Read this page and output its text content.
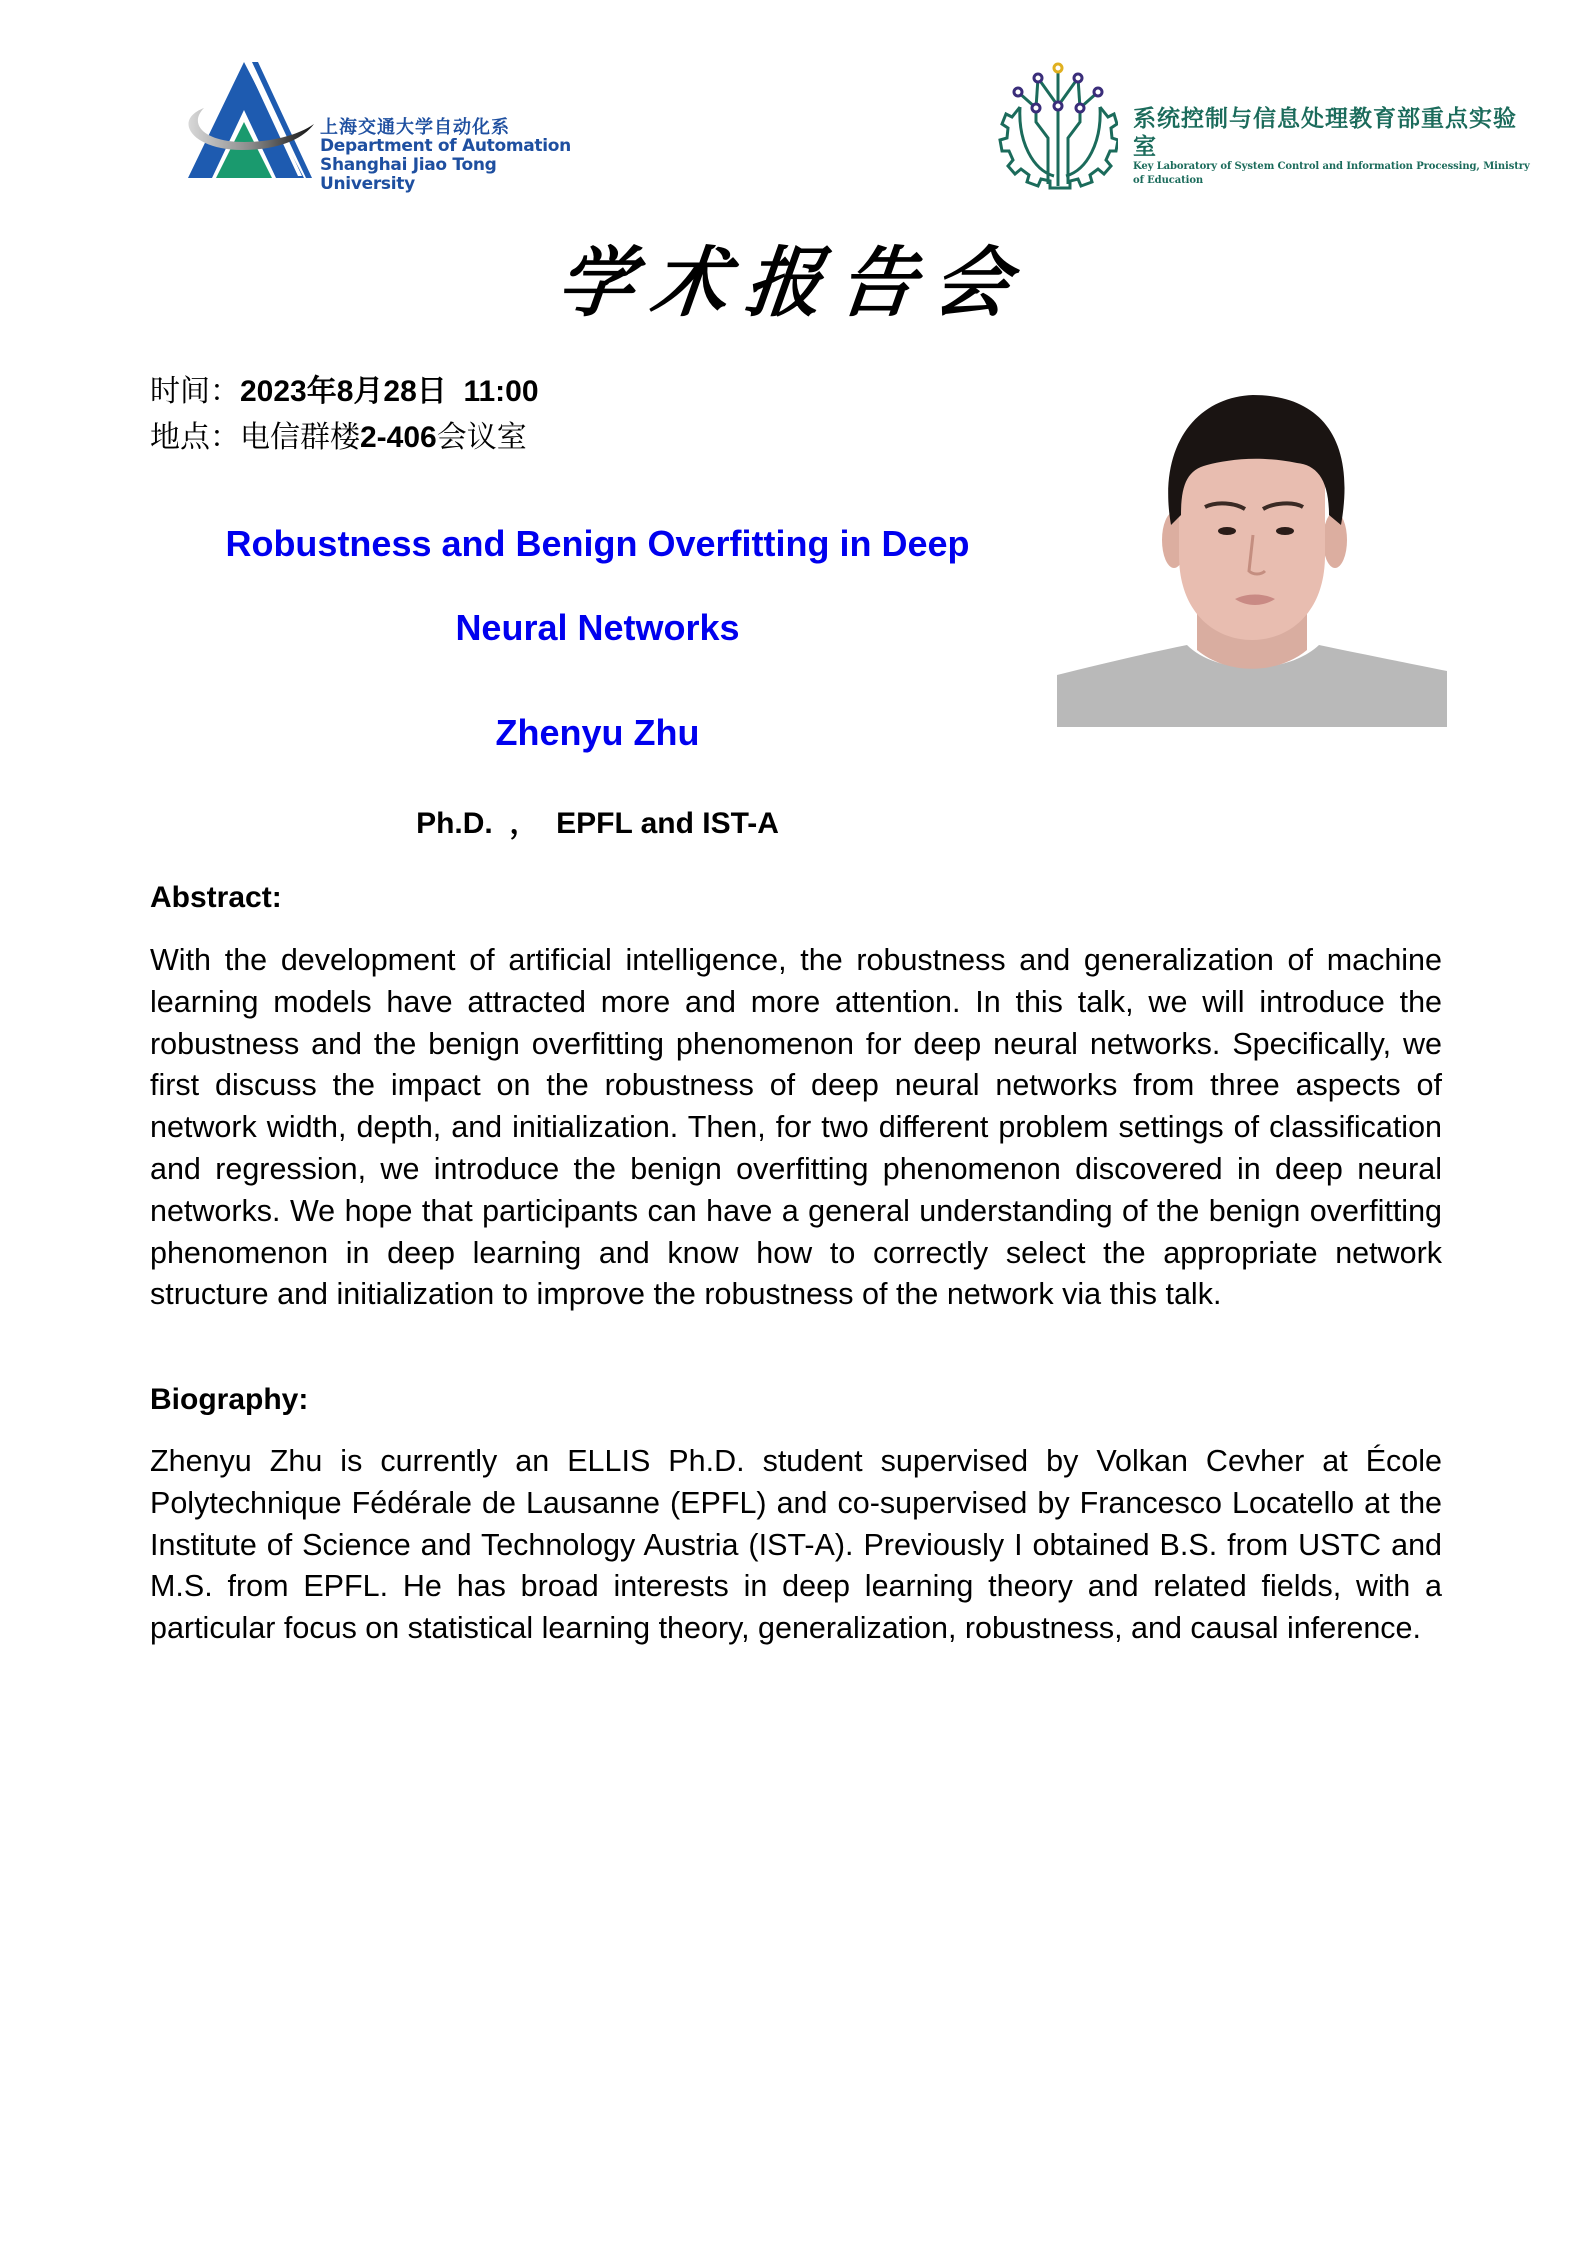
上海交通大学自动化系
Department of Automation
Shanghai Jiao Tong University
系统控制与信息处理教育部重点实验室
Key Laboratory of System Control and Information Processing, Ministry of Education
学术报告会
时间：2023年8月28日  11:00
地点：电信群楼2-406会议室
Robustness and Benign Overfitting in Deep
Neural Networks
Zhenyu Zhu
Ph.D.  ，  EPFL and IST-A
Abstract:
With the development of artificial intelligence, the robustness and generalization of machine learning models have attracted more and more attention. In this talk, we will introduce the robustness and the benign overfitting phenomenon for deep neural networks. Specifically, we first discuss the impact on the robustness of deep neural networks from three aspects of network width, depth, and initialization. Then, for two different problem settings of classification and regression, we introduce the benign overfitting phenomenon discovered in deep neural networks. We hope that participants can have a general understanding of the benign overfitting phenomenon in deep learning and know how to correctly select the appropriate network structure and initialization to improve the robustness of the network via this talk.
Biography:
Zhenyu Zhu is currently an ELLIS Ph.D. student supervised by Volkan Cevher at École Polytechnique Fédérale de Lausanne (EPFL) and co-supervised by Francesco Locatello at the Institute of Science and Technology Austria (IST-A). Previously I obtained B.S. from USTC and M.S. from EPFL. He has broad interests in deep learning theory and related fields, with a particular focus on statistical learning theory, generalization, robustness, and causal inference.
